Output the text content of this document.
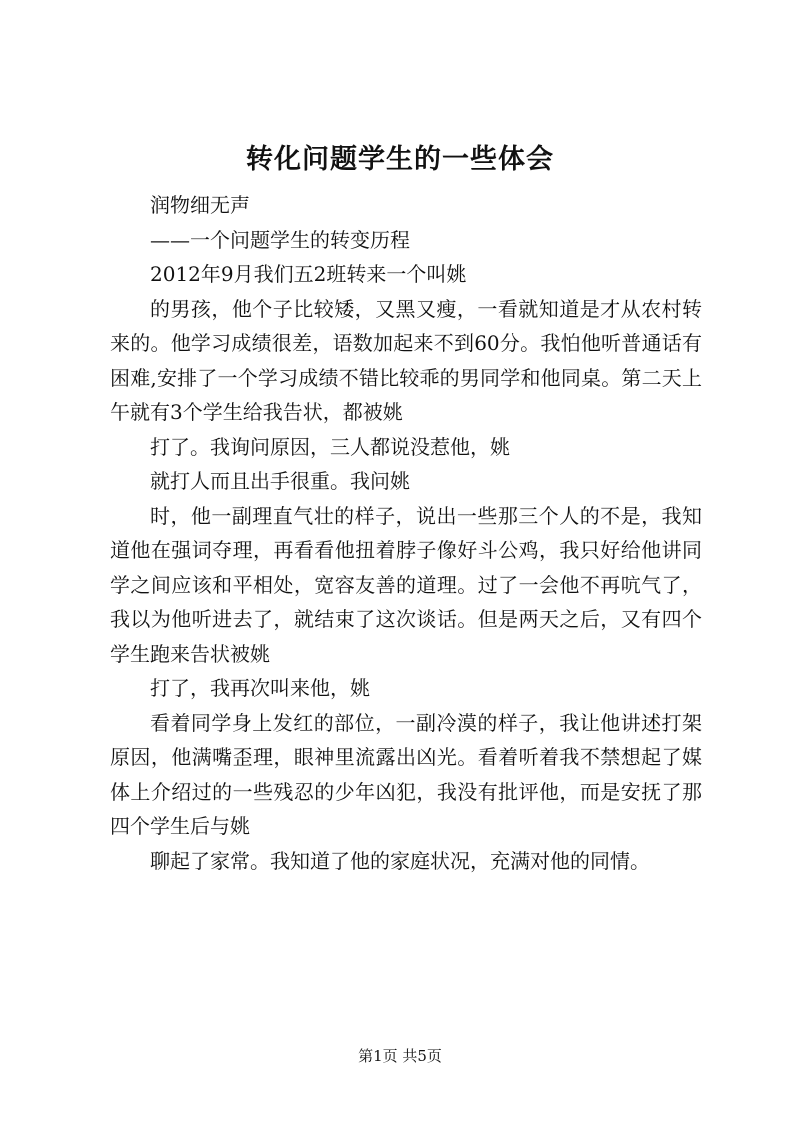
转化问题学生的一些体会

润物细无声

——一个问题学生的转变历程

2012年9月我们五2班转来一个叫姚

的男孩，他个子比较矮，又黑又瘦，一看就知道是才从农村转来的。他学习成绩很差，语数加起来不到60分。我怕他听普通话有困难,安排了一个学习成绩不错比较乖的男同学和他同桌。第二天上午就有3个学生给我告状，都被姚

打了。我询问原因，三人都说没惹他，姚

就打人而且出手很重。我问姚

时，他一副理直气壮的样子，说出一些那三个人的不是，我知道他在强词夺理，再看看他扭着脖子像好斗公鸡，我只好给他讲同学之间应该和平相处，宽容友善的道理。过了一会他不再吭气了，我以为他听进去了，就结束了这次谈话。但是两天之后，又有四个学生跑来告状被姚

打了，我再次叫来他，姚

看着同学身上发红的部位，一副冷漠的样子，我让他讲述打架原因，他满嘴歪理，眼神里流露出凶光。看着听着我不禁想起了媒体上介绍过的一些残忍的少年凶犯，我没有批评他，而是安抚了那四个学生后与姚

聊起了家常。我知道了他的家庭状况，充满对他的同情。

第1页 共5页
